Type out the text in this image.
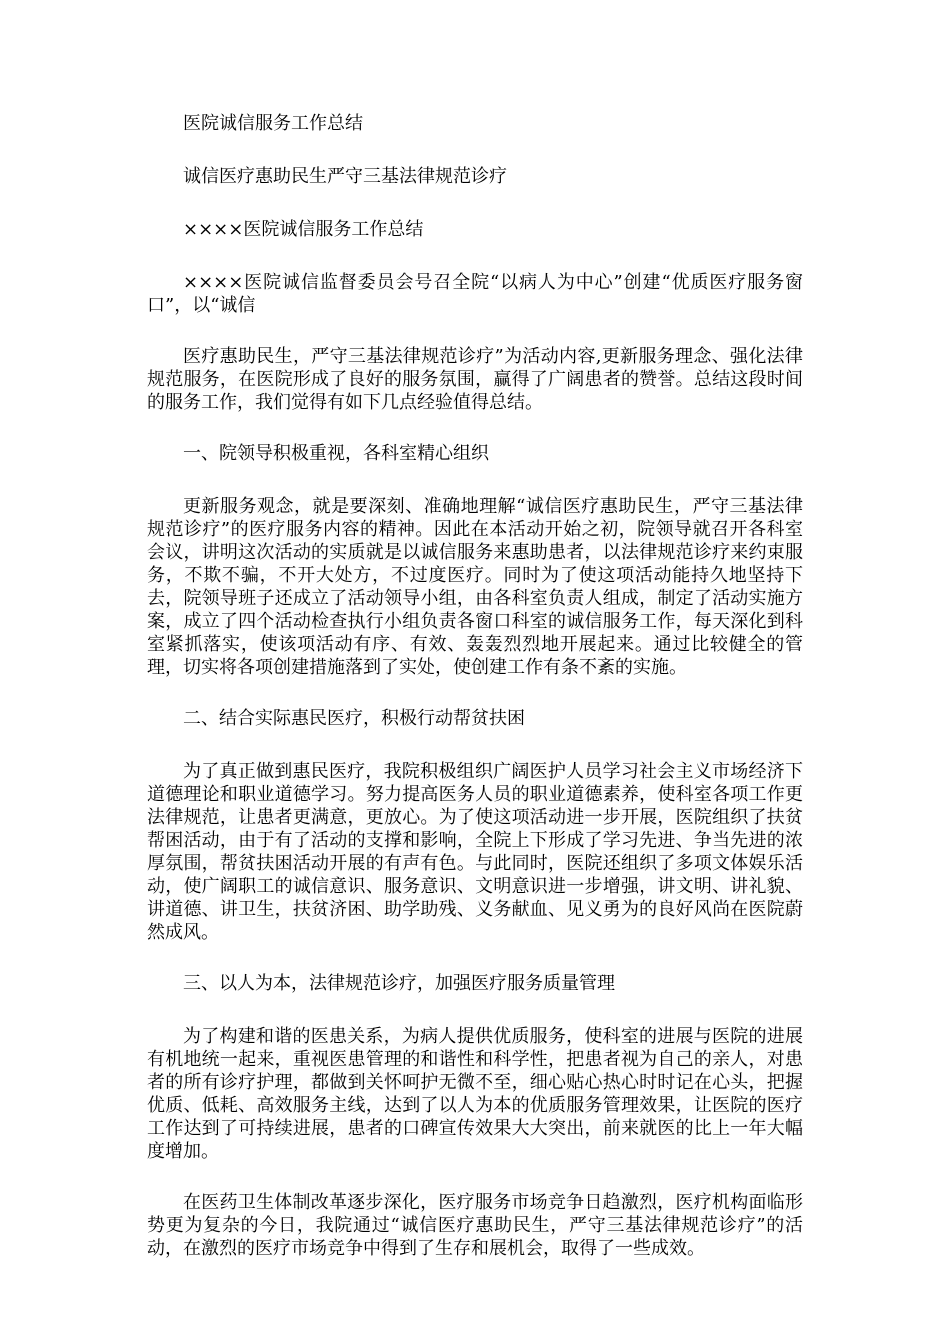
医院诚信服务工作总结

诚信医疗惠助民生严守三基法律规范诊疗

××××医院诚信服务工作总结

××××医院诚信监督委员会号召全院“以病人为中心”创建“优质医疗服务窗口”，以“诚信

医疗惠助民生，严守三基法律规范诊疗”为活动内容,更新服务理念、强化法律规范服务，在医院形成了良好的服务氛围，赢得了广阔患者的赞誉。总结这段时间的服务工作，我们觉得有如下几点经验值得总结。

一、院领导积极重视，各科室精心组织

更新服务观念，就是要深刻、准确地理解“诚信医疗惠助民生，严守三基法律规范诊疗”的医疗服务内容的精神。因此在本活动开始之初，院领导就召开各科室会议，讲明这次活动的实质就是以诚信服务来惠助患者，以法律规范诊疗来约束服务，不欺不骗，不开大处方，不过度医疗。同时为了使这项活动能持久地坚持下去，院领导班子还成立了活动领导小组，由各科室负责人组成，制定了活动实施方案，成立了四个活动检查执行小组负责各窗口科室的诚信服务工作，每天深化到科室紧抓落实，使该项活动有序、有效、轰轰烈烈地开展起来。通过比较健全的管理，切实将各项创建措施落到了实处，使创建工作有条不紊的实施。

二、结合实际惠民医疗，积极行动帮贫扶困

为了真正做到惠民医疗，我院积极组织广阔医护人员学习社会主义市场经济下道德理论和职业道德学习。努力提高医务人员的职业道德素养，使科室各项工作更法律规范，让患者更满意，更放心。为了使这项活动进一步开展，医院组织了扶贫帮困活动，由于有了活动的支撑和影响，全院上下形成了学习先进、争当先进的浓厚氛围，帮贫扶困活动开展的有声有色。与此同时，医院还组织了多项文体娱乐活动，使广阔职工的诚信意识、服务意识、文明意识进一步增强，讲文明、讲礼貌、讲道德、讲卫生，扶贫济困、助学助残、义务献血、见义勇为的良好风尚在医院蔚然成风。

三、以人为本，法律规范诊疗，加强医疗服务质量管理

为了构建和谐的医患关系，为病人提供优质服务，使科室的进展与医院的进展有机地统一起来，重视医患管理的和谐性和科学性，把患者视为自己的亲人，对患者的所有诊疗护理，都做到关怀呵护无微不至，细心贴心热心时时记在心头，把握优质、低耗、高效服务主线，达到了以人为本的优质服务管理效果，让医院的医疗工作达到了可持续进展，患者的口碑宣传效果大大突出，前来就医的比上一年大幅度增加。

在医药卫生体制改革逐步深化，医疗服务市场竞争日趋激烈，医疗机构面临形势更为复杂的今日，我院通过“诚信医疗惠助民生，严守三基法律规范诊疗”的活动，在激烈的医疗市场竞争中得到了生存和展机会，取得了一些成效。
